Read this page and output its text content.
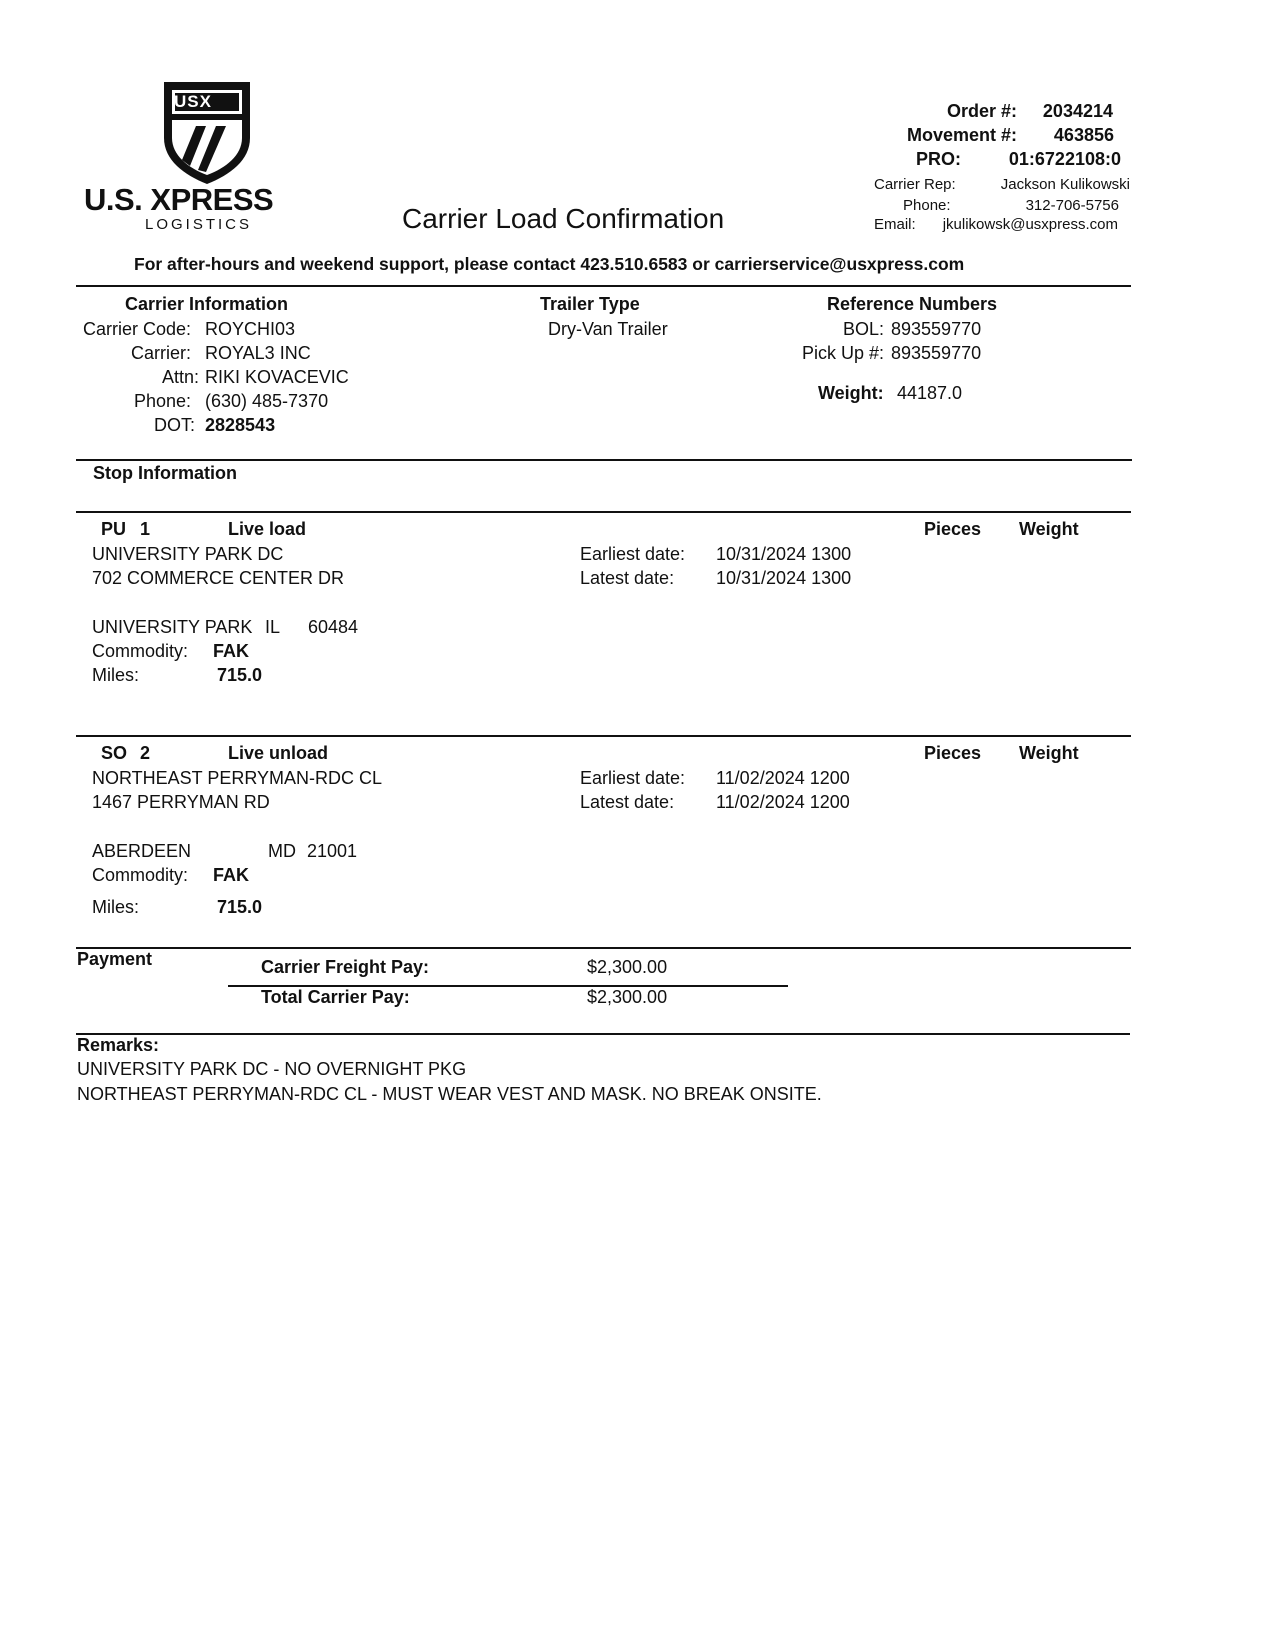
USX
U.S. XPRESS
LOGISTICS	Carrier Load Confirmation
Order #: 2034214
Movement #: 463856
PRO:	01:6722108:0
Carrier Rep:	Jackson Kulikowski
Phone:	312-706-5756
Email: jkulikowsk@usxpress.com
For after-hours and weekend support, please contact 423.510.6583 or carrierservice@usxpress.com
Carrier Information
Carrier Code: ROYCHI03
Carrier: ROYAL3 INC
Attn: RIKI KOVACEVIC
Phone: (630) 485-7370
DOT: 2828543
Trailer Type
Dry-Van Trailer
Reference Numbers
BOL: 893559770
Pick Up #: 893559770
Weight: 44187.0
Stop Information
PU 1	Live load	Pieces Weight
UNIVERSITY PARK DC
702 COMMERCE CENTER DR
Earliest date: 10/31/2024 1300
Latest date: 10/31/2024 1300
UNIVERSITY PARK IL 60484
Commodity: FAK
Miles:	715.0
SO 2	Live unload	Pieces Weight
NORTHEAST PERRYMAN-RDC CL
1467 PERRYMAN RD
Earliest date: 11/02/2024 1200
Latest date: 11/02/2024 1200
ABERDEEN	MD 21001
Commodity: FAK
Miles:	715.0
Payment	Carrier Freight Pay:	$2,300.00
Total Carrier Pay:	$2,300.00
Remarks:
UNIVERSITY PARK DC - NO OVERNIGHT PKG
NORTHEAST PERRYMAN-RDC CL - MUST WEAR VEST AND MASK. NO BREAK ONSITE.
